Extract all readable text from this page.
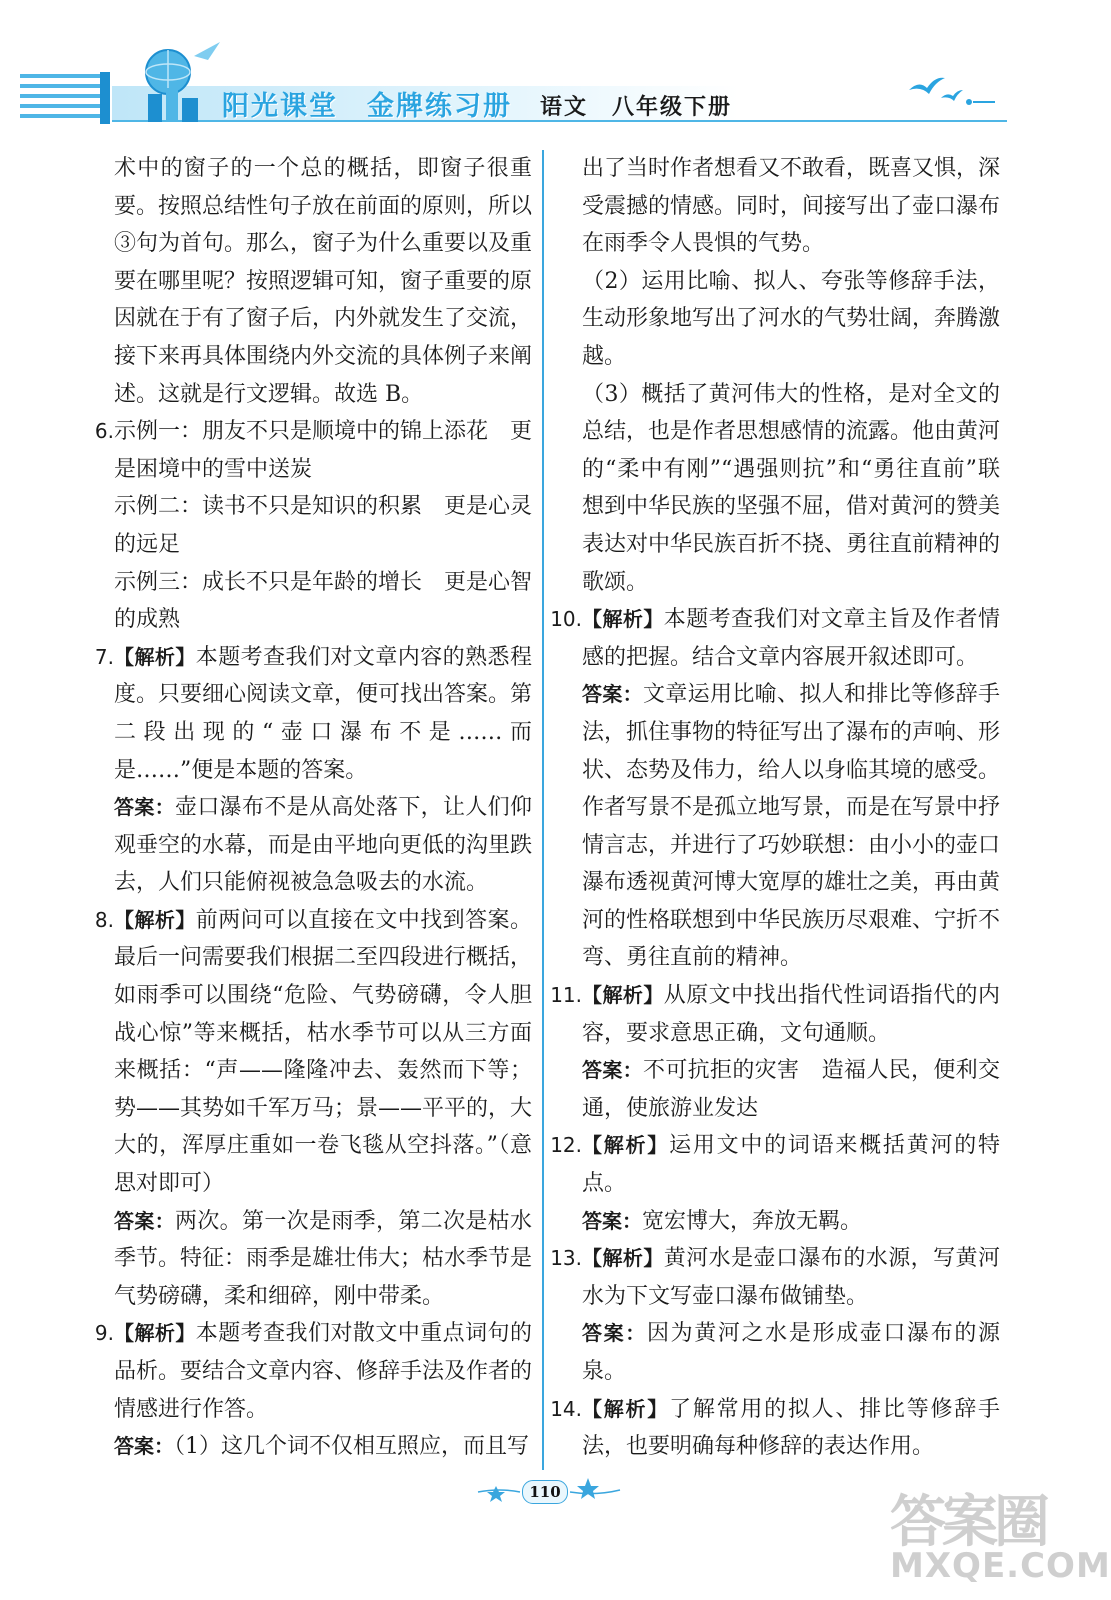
阳光课堂　金牌练习册 语文　八年级下册

术中的窗子的一个总的概括，即窗子很重要。按照总结性句子放在前面的原则，所以③句为首句。那么，窗子为什么重要以及重要在哪里呢？按照逻辑可知，窗子重要的原因就在于有了窗子后，内外就发生了交流，接下来再具体围绕内外交流的具体例子来阐述。这就是行文逻辑。故选 B。

6. 示例一：朋友不只是顺境中的锦上添花　更是困境中的雪中送炭

示例二：读书不只是知识的积累　更是心灵的远足

示例三：成长不只是年龄的增长　更是心智的成熟

7. 【解析】本题考查我们对文章内容的熟悉程度。只要细心阅读文章，便可找出答案。第二段出现的“壶口瀑布不是……而是……”便是本题的答案。

答案：壶口瀑布不是从高处落下，让人们仰观垂空的水幕，而是由平地向更低的沟里跌去，人们只能俯视被急急吸去的水流。

8. 【解析】前两问可以直接在文中找到答案。最后一问需要我们根据二至四段进行概括，如雨季可以围绕“危险、气势磅礴，令人胆战心惊”等来概括，枯水季节可以从三方面来概括：“声——隆隆冲去、轰然而下等；势——其势如千军万马；景——平平的，大大的，浑厚庄重如一卷飞毯从空抖落。”（意思对即可）

答案：两次。第一次是雨季，第二次是枯水季节。特征：雨季是雄壮伟大；枯水季节是气势磅礴，柔和细碎，刚中带柔。

9. 【解析】本题考查我们对散文中重点词句的品析。要结合文章内容、修辞手法及作者的情感进行作答。

答案：（1）这几个词不仅相互照应，而且写

出了当时作者想看又不敢看，既喜又惧，深受震撼的情感。同时，间接写出了壶口瀑布在雨季令人畏惧的气势。

（2）运用比喻、拟人、夸张等修辞手法，生动形象地写出了河水的气势壮阔，奔腾激越。

（3）概括了黄河伟大的性格，是对全文的总结，也是作者思想感情的流露。他由黄河的“柔中有刚”“遇强则抗”和“勇往直前”联想到中华民族的坚强不屈，借对黄河的赞美表达对中华民族百折不挠、勇往直前精神的歌颂。

10. 【解析】本题考查我们对文章主旨及作者情感的把握。结合文章内容展开叙述即可。

答案：文章运用比喻、拟人和排比等修辞手法，抓住事物的特征写出了瀑布的声响、形状、态势及伟力，给人以身临其境的感受。作者写景不是孤立地写景，而是在写景中抒情言志，并进行了巧妙联想：由小小的壶口瀑布透视黄河博大宽厚的雄壮之美，再由黄河的性格联想到中华民族历尽艰难、宁折不弯、勇往直前的精神。

11. 【解析】从原文中找出指代性词语指代的内容，要求意思正确，文句通顺。

答案：不可抗拒的灾害　造福人民，便利交通，使旅游业发达

12. 【解析】运用文中的词语来概括黄河的特点。

答案：宽宏博大，奔放无羁。

13. 【解析】黄河水是壶口瀑布的水源，写黄河水为下文写壶口瀑布做铺垫。

答案：因为黄河之水是形成壶口瀑布的源泉。

14. 【解析】了解常用的拟人、排比等修辞手法，也要明确每种修辞的表达作用。

110	答案圈
MXQE.COM
